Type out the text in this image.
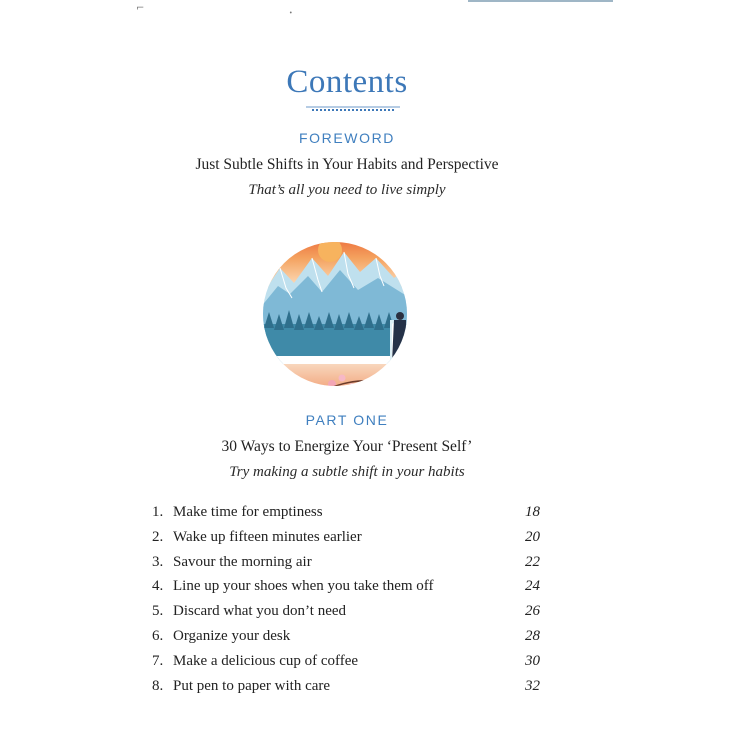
⌐	•
Contents
FOREWORD
Just Subtle Shifts in Your Habits and Perspective
That’s all you need to live simply
PART ONE
30 Ways to Energize Your ‘Present Self’
Try making a subtle shift in your habits
1. Make time for emptiness	18
2. Wake up fifteen minutes earlier	20
3. Savour the morning air	22
4. Line up your shoes when you take them off	24
5. Discard what you don’t need	26
6. Organize your desk	28
7. Make a delicious cup of coffee	30
8. Put pen to paper with care	32
